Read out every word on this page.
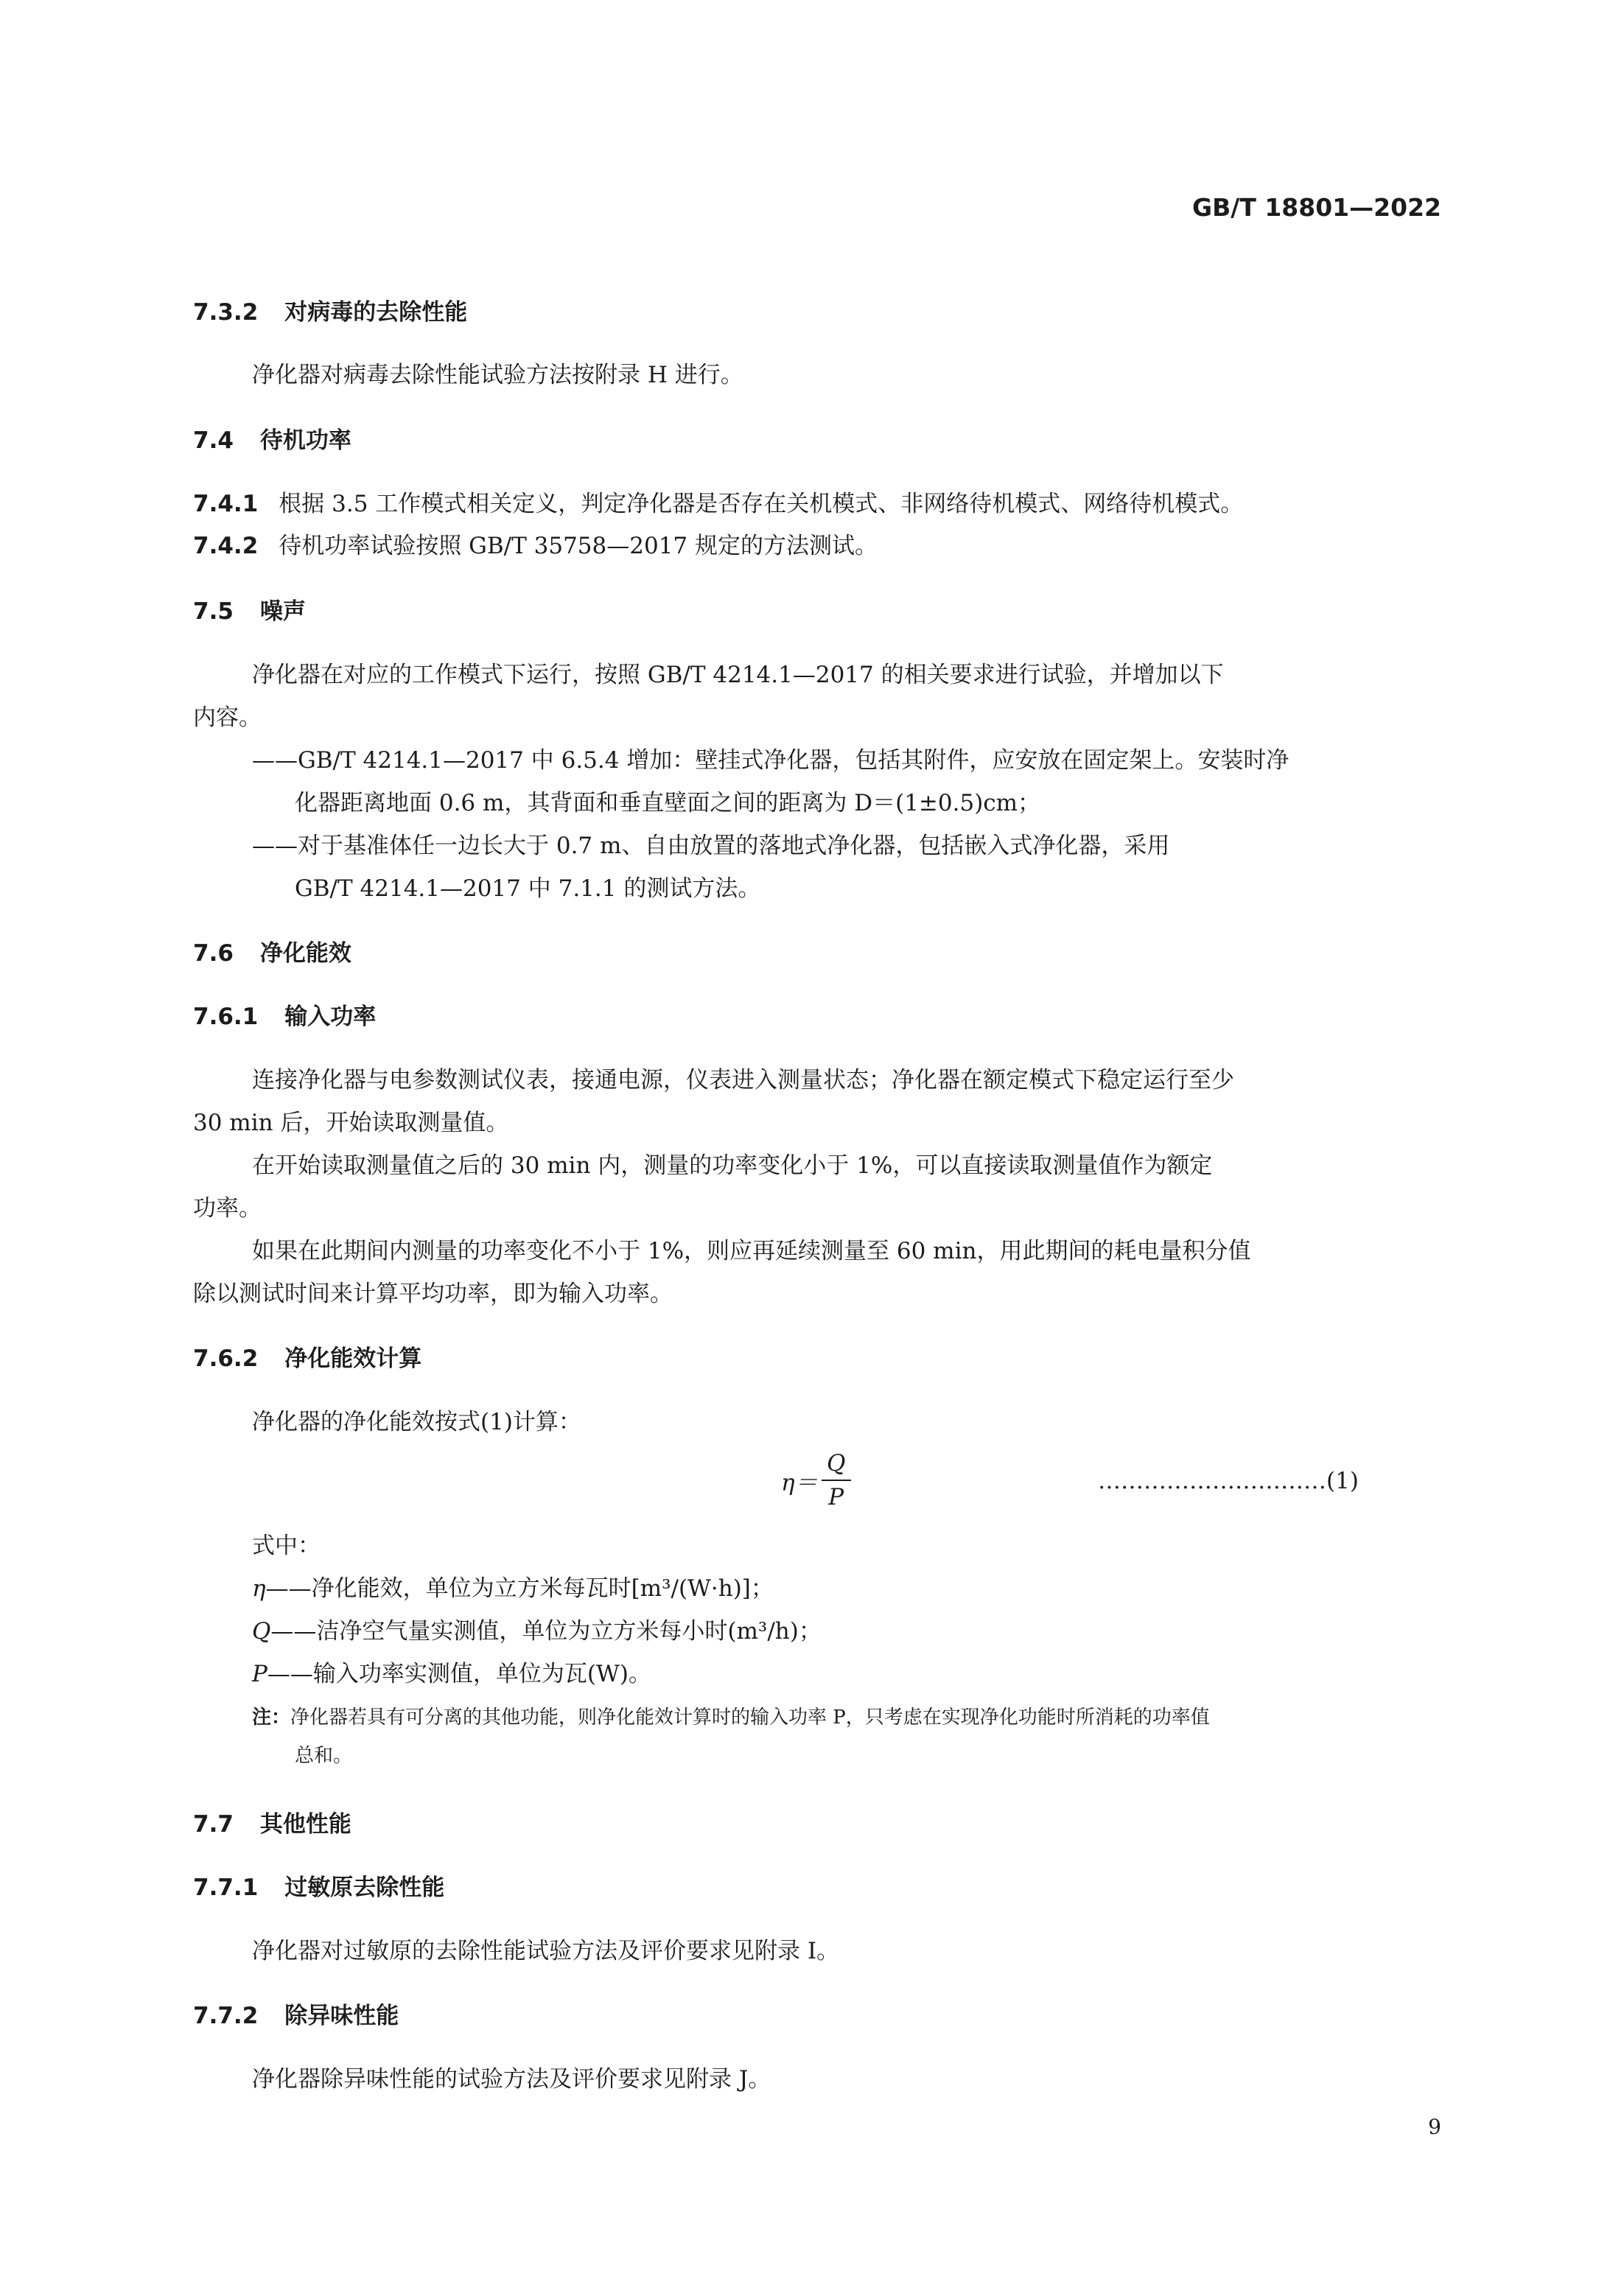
GB/T 18801—2022
7.3.2 对病毒的去除性能
净化器对病毒去除性能试验方法按附录 H 进行。
7.4 待机功率
7.4.1 根据 3.5 工作模式相关定义，判定净化器是否存在关机模式、非网络待机模式、网络待机模式。
7.4.2 待机功率试验按照 GB/T 35758—2017 规定的方法测试。
7.5 噪声
净化器在对应的工作模式下运行，按照 GB/T 4214.1—2017 的相关要求进行试验，并增加以下
内容。
——GB/T 4214.1—2017 中 6.5.4 增加：壁挂式净化器，包括其附件，应安放在固定架上。安装时净
化器距离地面 0.6 m，其背面和垂直壁面之间的距离为 D＝(1±0.5)cm；
——对于基准体任一边长大于 0.7 m、自由放置的落地式净化器，包括嵌入式净化器，采用
GB/T 4214.1—2017 中 7.1.1 的测试方法。
7.6 净化能效
7.6.1 输入功率
连接净化器与电参数测试仪表，接通电源，仪表进入测量状态；净化器在额定模式下稳定运行至少
30 min 后，开始读取测量值。
在开始读取测量值之后的 30 min 内，测量的功率变化小于 1%，可以直接读取测量值作为额定
功率。
如果在此期间内测量的功率变化不小于 1%，则应再延续测量至 60 min，用此期间的耗电量积分值
除以测试时间来计算平均功率，即为输入功率。
7.6.2 净化能效计算
净化器的净化能效按式(1)计算：
$\eta= \frac{Q}{P}$	…………………………(1)
式中：
η——净化能效，单位为立方米每瓦时[m³/(W·h)]；
Q——洁净空气量实测值，单位为立方米每小时(m³/h)；
P——输入功率实测值，单位为瓦(W)。
注：净化器若具有可分离的其他功能，则净化能效计算时的输入功率 P，只考虑在实现净化功能时所消耗的功率值
总和。
7.7 其他性能
7.7.1 过敏原去除性能
净化器对过敏原的去除性能试验方法及评价要求见附录 I。
7.7.2 除异味性能
净化器除异味性能的试验方法及评价要求见附录 J。
9
